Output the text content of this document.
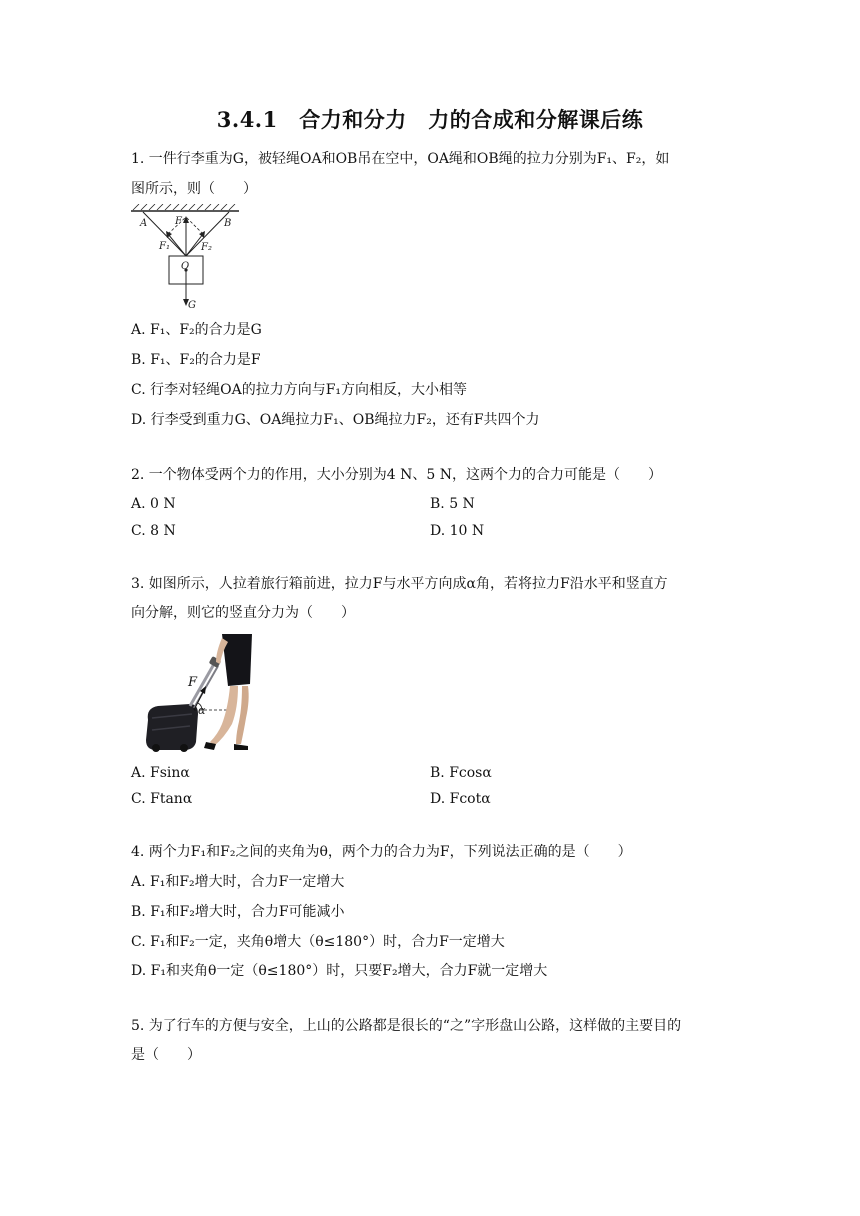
3.4.1　合力和分力　力的合成和分解课后练
1. 一件行李重为G，被轻绳OA和OB吊在空中，OA绳和OB绳的拉力分别为F₁、F₂，如
图所示，则（　　）
A	B
F
F₁	F₂
O
G
A. F₁、F₂的合力是G
B. F₁、F₂的合力是F
C. 行李对轻绳OA的拉力方向与F₁方向相反，大小相等
D. 行李受到重力G、OA绳拉力F₁、OB绳拉力F₂，还有F共四个力
2. 一个物体受两个力的作用，大小分别为4 N、5 N，这两个力的合力可能是（　　）
A. 0 N	B. 5 N
C. 8 N	D. 10 N
3. 如图所示，人拉着旅行箱前进，拉力F与水平方向成α角，若将拉力F沿水平和竖直方
向分解，则它的竖直分力为（　　）
F
α
A. Fsinα	B. Fcosα
C. Ftanα	D. Fcotα
4. 两个力F₁和F₂之间的夹角为θ，两个力的合力为F，下列说法正确的是（　　）
A. F₁和F₂增大时，合力F一定增大
B. F₁和F₂增大时，合力F可能减小
C. F₁和F₂一定，夹角θ增大（θ≤180°）时，合力F一定增大
D. F₁和夹角θ一定（θ≤180°）时，只要F₂增大，合力F就一定增大
5. 为了行车的方便与安全，上山的公路都是很长的“之”字形盘山公路，这样做的主要目的
是（　　）
